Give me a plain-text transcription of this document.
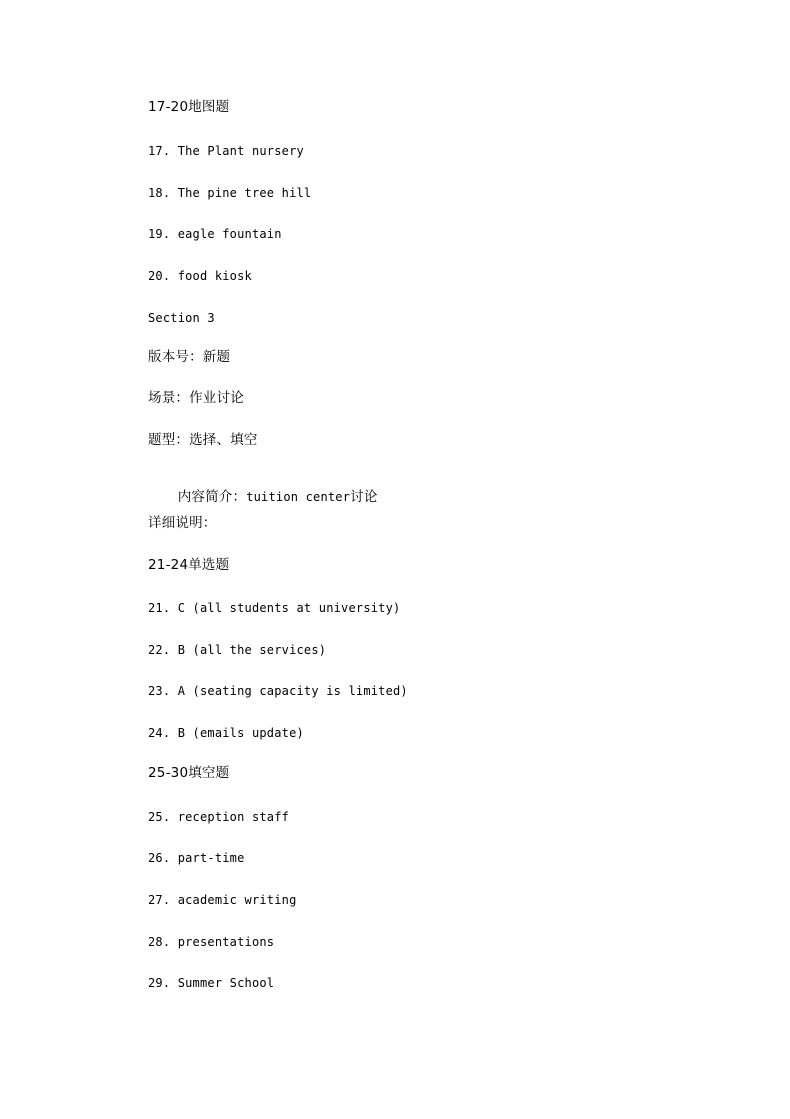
17-20地图题
17. The Plant nursery
18. The pine tree hill
19. eagle fountain
20. food kiosk
Section 3
版本号：新题
场景：作业讨论
题型：选择、填空

内容简介：tuition center讨论

详细说明：
21-24单选题
21. C (all students at university)
22. B (all the services)
23. A (seating capacity is limited)
24. B (emails update)
25-30填空题
25. reception staff
26. part-time
27. academic writing
28. presentations
29. Summer School
